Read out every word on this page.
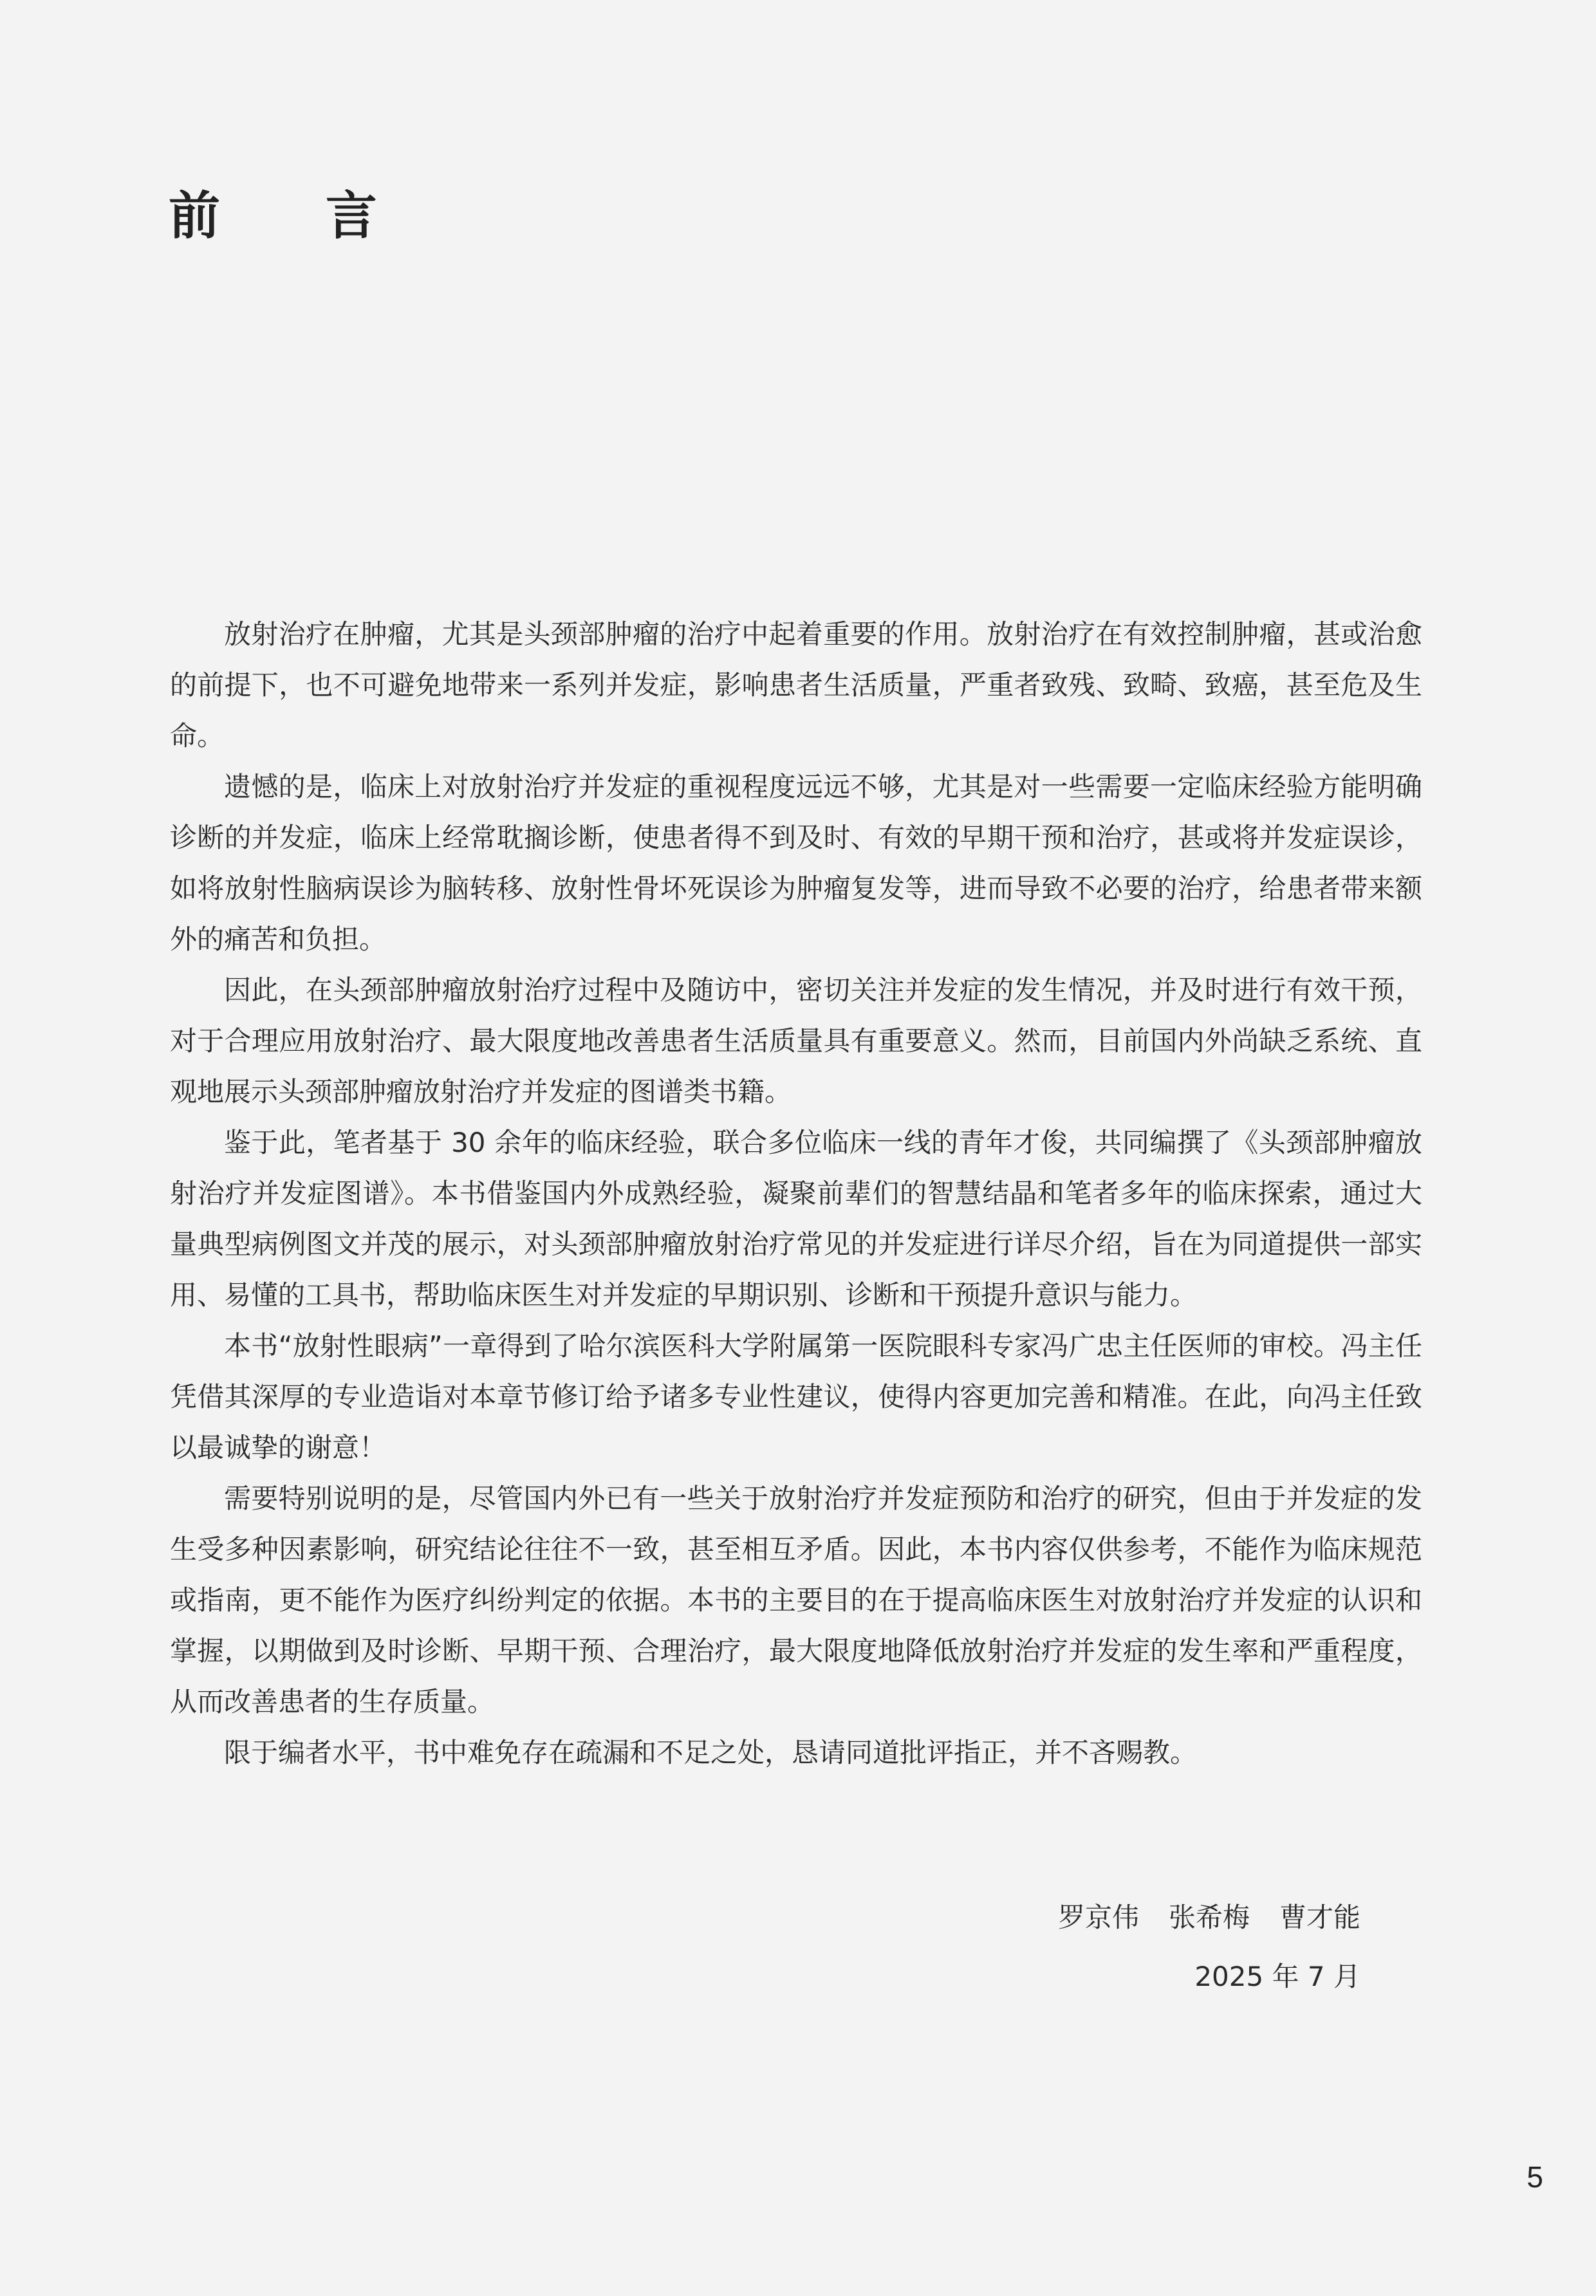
前 言

放射治疗在肿瘤，尤其是头颈部肿瘤的治疗中起着重要的作用。放射治疗在有效控制肿瘤，甚或治愈的前提下，也不可避免地带来一系列并发症，影响患者生活质量，严重者致残、致畸、致癌，甚至危及生命。

遗憾的是，临床上对放射治疗并发症的重视程度远远不够，尤其是对一些需要一定临床经验方能明确诊断的并发症，临床上经常耽搁诊断，使患者得不到及时、有效的早期干预和治疗，甚或将并发症误诊，如将放射性脑病误诊为脑转移、放射性骨坏死误诊为肿瘤复发等，进而导致不必要的治疗，给患者带来额外的痛苦和负担。

因此，在头颈部肿瘤放射治疗过程中及随访中，密切关注并发症的发生情况，并及时进行有效干预，对于合理应用放射治疗、最大限度地改善患者生活质量具有重要意义。然而，目前国内外尚缺乏系统、直观地展示头颈部肿瘤放射治疗并发症的图谱类书籍。

鉴于此，笔者基于 30 余年的临床经验，联合多位临床一线的青年才俊，共同编撰了《头颈部肿瘤放射治疗并发症图谱》。本书借鉴国内外成熟经验，凝聚前辈们的智慧结晶和笔者多年的临床探索，通过大量典型病例图文并茂的展示，对头颈部肿瘤放射治疗常见的并发症进行详尽介绍，旨在为同道提供一部实用、易懂的工具书，帮助临床医生对并发症的早期识别、诊断和干预提升意识与能力。

本书“放射性眼病”一章得到了哈尔滨医科大学附属第一医院眼科专家冯广忠主任医师的审校。冯主任凭借其深厚的专业造诣对本章节修订给予诸多专业性建议，使得内容更加完善和精准。在此，向冯主任致以最诚挚的谢意！

需要特别说明的是，尽管国内外已有一些关于放射治疗并发症预防和治疗的研究，但由于并发症的发生受多种因素影响，研究结论往往不一致，甚至相互矛盾。因此，本书内容仅供参考，不能作为临床规范或指南，更不能作为医疗纠纷判定的依据。本书的主要目的在于提高临床医生对放射治疗并发症的认识和掌握，以期做到及时诊断、早期干预、合理治疗，最大限度地降低放射治疗并发症的发生率和严重程度，从而改善患者的生存质量。

限于编者水平，书中难免存在疏漏和不足之处，恳请同道批评指正，并不吝赐教。

罗京伟 张希梅 曹才能
2025 年 7 月
5
